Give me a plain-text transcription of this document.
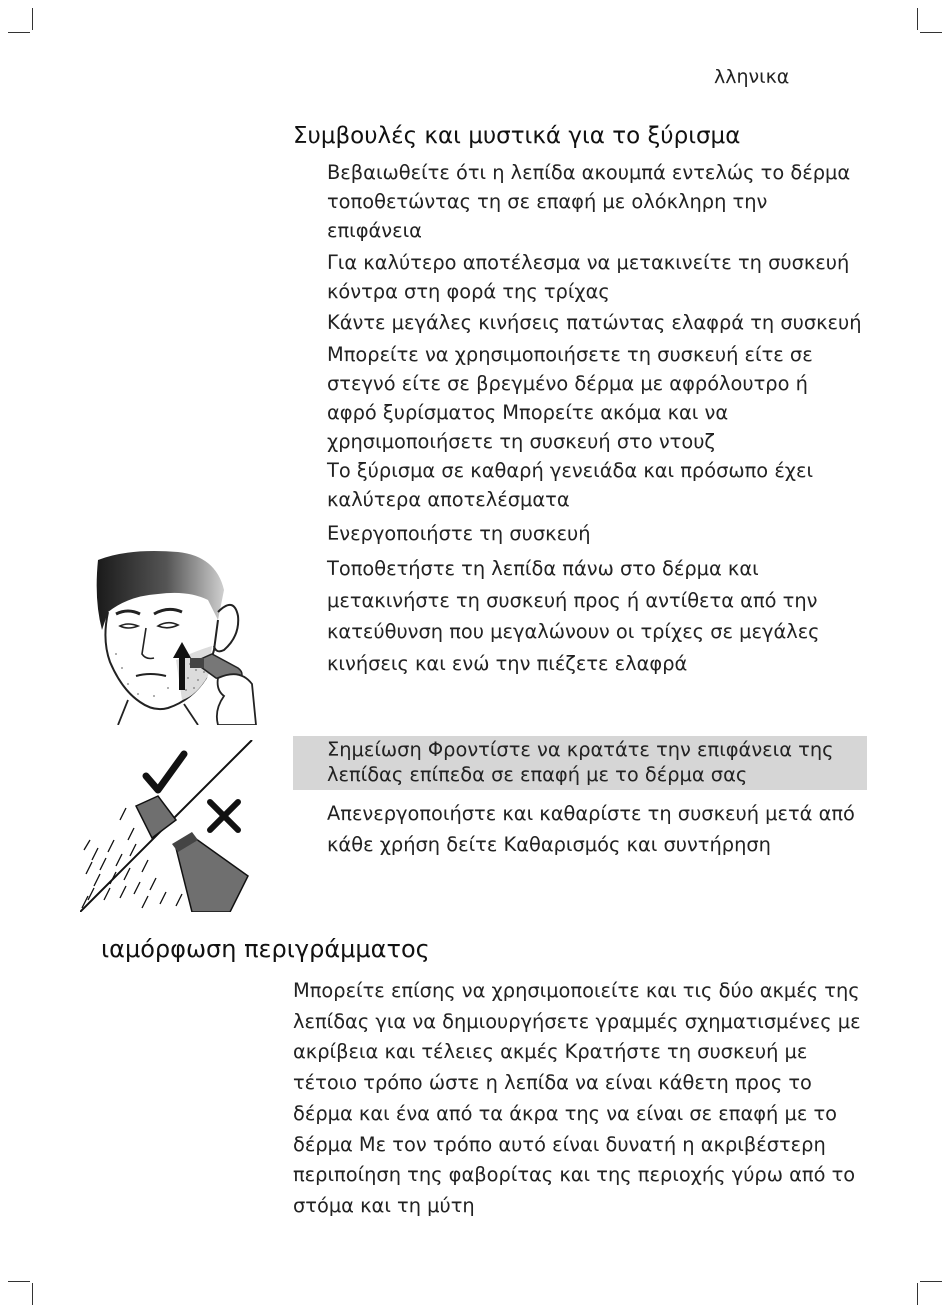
λληνικα
Συμβουλές και μυστικά για το ξύρισμα
Βεβαιωθείτε ότι η λεπίδα ακουμπά εντελώς το δέρμα
τοποθετώντας τη σε επαφή με ολόκληρη την
επιφάνεια
Για καλύτερο αποτέλεσμα να μετακινείτε τη συσκευή
κόντρα στη φορά της τρίχας
Κάντε μεγάλες κινήσεις πατώντας ελαφρά τη συσκευή
Μπορείτε να χρησιμοποιήσετε τη συσκευή είτε σε
στεγνό είτε σε βρεγμένο δέρμα με αφρόλουτρο ή
αφρό ξυρίσματος Μπορείτε ακόμα και να
χρησιμοποιήσετε τη συσκευή στο ντουζ
Το ξύρισμα σε καθαρή γενειάδα και πρόσωπο έχει
καλύτερα αποτελέσματα
Ενεργοποιήστε τη συσκευή
Τοποθετήστε τη λεπίδα πάνω στο δέρμα και
μετακινήστε τη συσκευή προς ή αντίθετα από την
κατεύθυνση που μεγαλώνουν οι τρίχες σε μεγάλες
κινήσεις και ενώ την πιέζετε ελαφρά
Σημείωση Φροντίστε να κρατάτε την επιφάνεια της
λεπίδας επίπεδα σε επαφή με το δέρμα σας
Απενεργοποιήστε και καθαρίστε τη συσκευή μετά από
κάθε χρήση δείτε Καθαρισμός και συντήρηση
ιαμόρφωση περιγράμματος
Μπορείτε επίσης να χρησιμοποιείτε και τις δύο ακμές της
λεπίδας για να δημιουργήσετε γραμμές σχηματισμένες με
ακρίβεια και τέλειες ακμές Κρατήστε τη συσκευή με
τέτοιο τρόπο ώστε η λεπίδα να είναι κάθετη προς το
δέρμα και ένα από τα άκρα της να είναι σε επαφή με το
δέρμα Με τον τρόπο αυτό είναι δυνατή η ακριβέστερη
περιποίηση της φαβορίτας και της περιοχής γύρω από το
στόμα και τη μύτη
